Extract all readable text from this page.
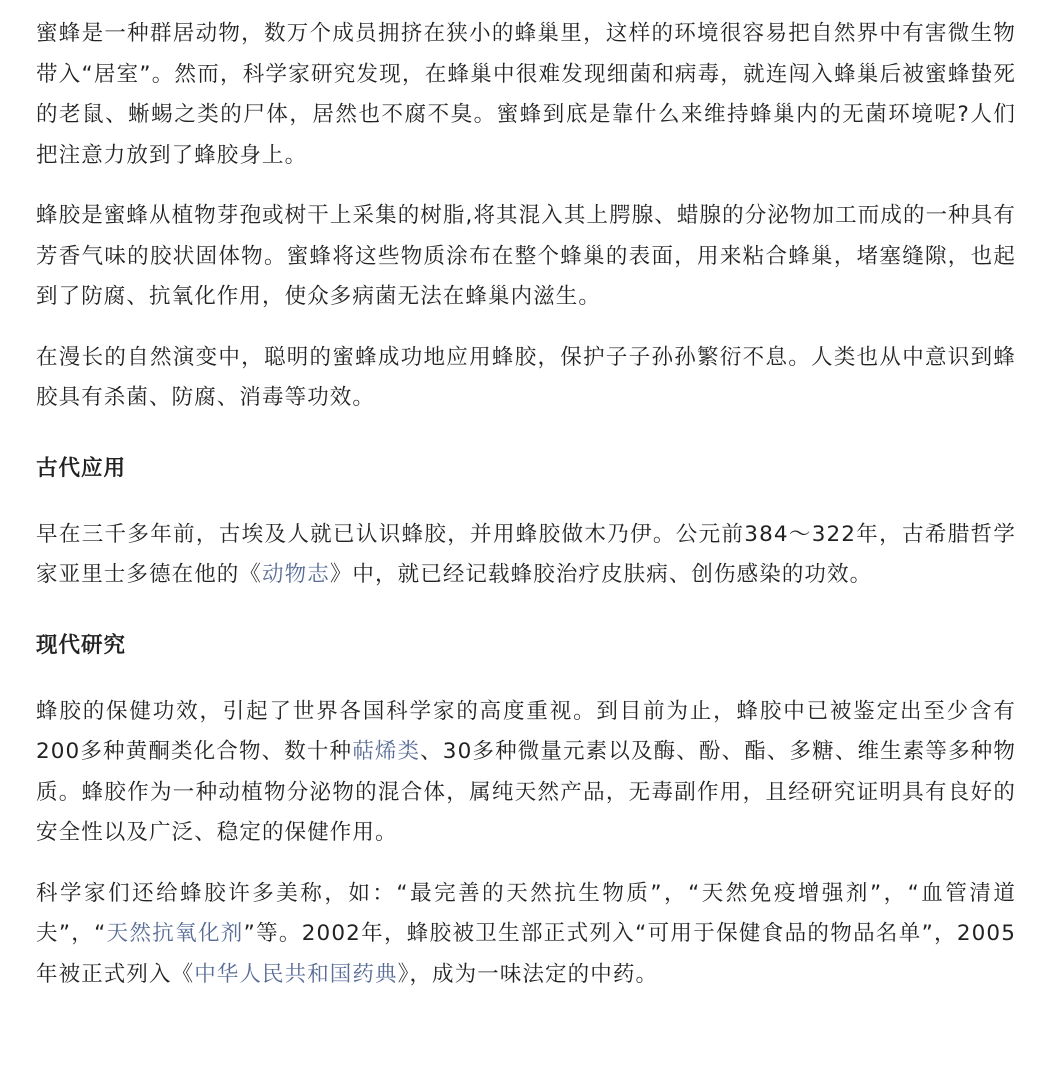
蜜蜂是一种群居动物，数万个成员拥挤在狭小的蜂巢里，这样的环境很容易把自然界中有害微生物带入“居室”。然而，科学家研究发现，在蜂巢中很难发现细菌和病毒，就连闯入蜂巢后被蜜蜂蛰死的老鼠、蜥蜴之类的尸体，居然也不腐不臭。蜜蜂到底是靠什么来维持蜂巢内的无菌环境呢?人们把注意力放到了蜂胶身上。

蜂胶是蜜蜂从植物芽孢或树干上采集的树脂,将其混入其上腭腺、蜡腺的分泌物加工而成的一种具有芳香气味的胶状固体物。蜜蜂将这些物质涂布在整个蜂巢的表面，用来粘合蜂巢，堵塞缝隙，也起到了防腐、抗氧化作用，使众多病菌无法在蜂巢内滋生。

在漫长的自然演变中，聪明的蜜蜂成功地应用蜂胶，保护子子孙孙繁衍不息。人类也从中意识到蜂胶具有杀菌、防腐、消毒等功效。

古代应用

早在三千多年前，古埃及人就已认识蜂胶，并用蜂胶做木乃伊。公元前384～322年，古希腊哲学家亚里士多德在他的《动物志》中，就已经记载蜂胶治疗皮肤病、创伤感染的功效。

现代研究

蜂胶的保健功效，引起了世界各国科学家的高度重视。到目前为止，蜂胶中已被鉴定出至少含有200多种黄酮类化合物、数十种萜烯类、30多种微量元素以及酶、酚、酯、多糖、维生素等多种物质。蜂胶作为一种动植物分泌物的混合体，属纯天然产品，无毒副作用，且经研究证明具有良好的安全性以及广泛、稳定的保健作用。

科学家们还给蜂胶许多美称，如：“最完善的天然抗生物质”，“天然免疫增强剂”，“血管清道夫”，“天然抗氧化剂”等。2002年，蜂胶被卫生部正式列入“可用于保健食品的物品名单”，2005年被正式列入《中华人民共和国药典》，成为一味法定的中药。
